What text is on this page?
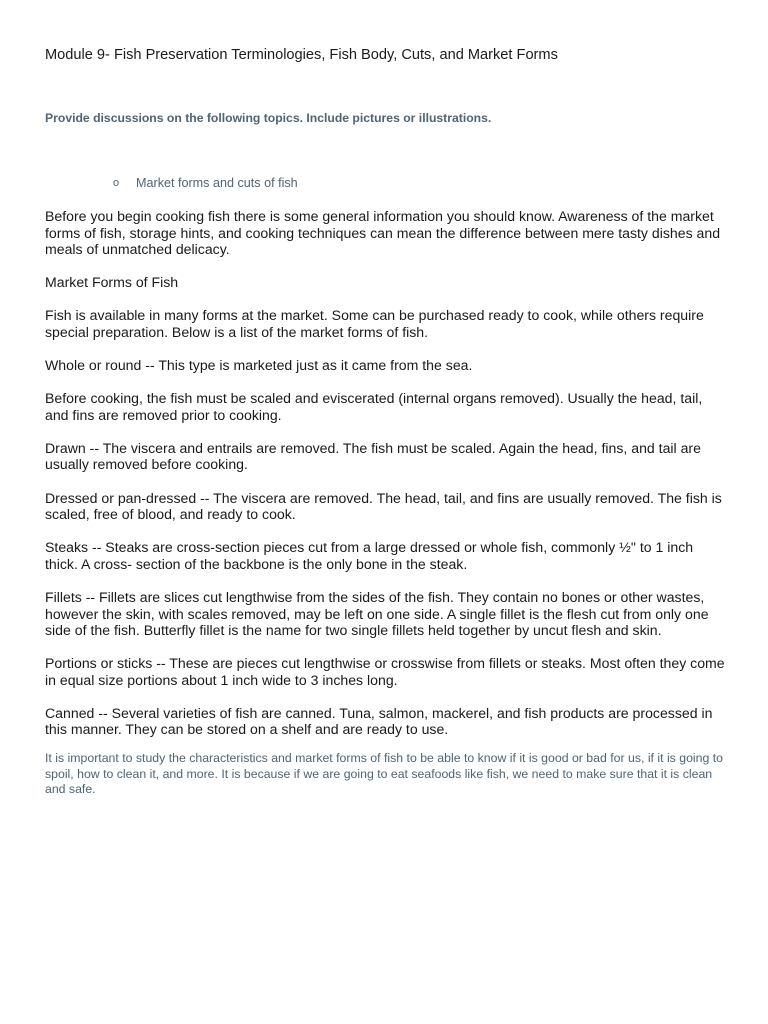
Module 9- Fish Preservation Terminologies, Fish Body, Cuts, and Market Forms
Provide discussions on the following topics. Include pictures or illustrations.
o Market forms and cuts of fish

Before you begin cooking fish there is some general information you should know. Awareness of the market forms of fish, storage hints, and cooking techniques can mean the difference between mere tasty dishes and meals of unmatched delicacy.

Market Forms of Fish

Fish is available in many forms at the market. Some can be purchased ready to cook, while others require special preparation. Below is a list of the market forms of fish.

Whole or round -- This type is marketed just as it came from the sea.

Before cooking, the fish must be scaled and eviscerated (internal organs removed). Usually the head, tail, and fins are removed prior to cooking.

Drawn -- The viscera and entrails are removed. The fish must be scaled. Again the head, fins, and tail are usually removed before cooking.

Dressed or pan-dressed -- The viscera are removed. The head, tail, and fins are usually removed. The fish is scaled, free of blood, and ready to cook.

Steaks -- Steaks are cross-section pieces cut from a large dressed or whole fish, commonly ½" to 1 inch thick. A cross- section of the backbone is the only bone in the steak.

Fillets -- Fillets are slices cut lengthwise from the sides of the fish. They contain no bones or other wastes, however the skin, with scales removed, may be left on one side. A single fillet is the flesh cut from only one side of the fish. Butterfly fillet is the name for two single fillets held together by uncut flesh and skin.

Portions or sticks -- These are pieces cut lengthwise or crosswise from fillets or steaks. Most often they come in equal size portions about 1 inch wide to 3 inches long.

Canned -- Several varieties of fish are canned. Tuna, salmon, mackerel, and fish products are processed in this manner. They can be stored on a shelf and are ready to use.

It is important to study the characteristics and market forms of fish to be able to know if it is good or bad for us, if it is going to spoil, how to clean it, and more. It is because if we are going to eat seafoods like fish, we need to make sure that it is clean and safe.
